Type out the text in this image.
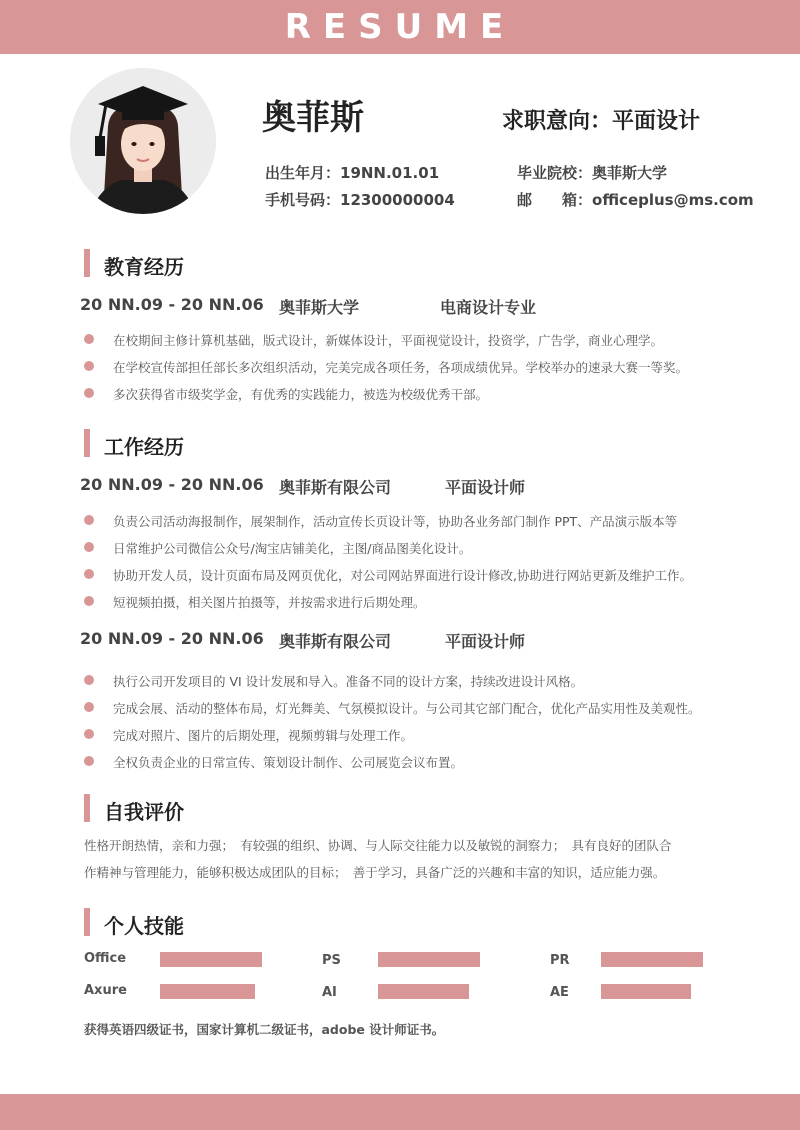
RESUME
奥菲斯	求职意向：平面设计
出生年月：19NN.01.01
手机号码：12300000004
毕业院校：奥菲斯大学
邮　　箱：officeplus@ms.com
教育经历
20 NN.09 - 20 NN.06 奥菲斯大学	电商设计专业
在校期间主修计算机基础，版式设计，新媒体设计，平面视觉设计，投资学，广告学，商业心理学。
在学校宣传部担任部长多次组织活动，完美完成各项任务，各项成绩优异。学校举办的速录大赛一等奖。
多次获得省市级奖学金，有优秀的实践能力，被选为校级优秀干部。
工作经历
20 NN.09 - 20 NN.06 奥菲斯有限公司	平面设计师
负责公司活动海报制作，展架制作，活动宣传长页设计等，协助各业务部门制作 PPT、产品演示版本等
日常维护公司微信公众号/淘宝店铺美化，主图/商品图美化设计。
协助开发人员，设计页面布局及网页优化，对公司网站界面进行设计修改,协助进行网站更新及维护工作。
短视频拍摄，相关图片拍摄等，并按需求进行后期处理。
20 NN.09 - 20 NN.06 奥菲斯有限公司	平面设计师
执行公司开发项目的 VI 设计发展和导入。准备不同的设计方案，持续改进设计风格。
完成会展、活动的整体布局，灯光舞美、气氛模拟设计。与公司其它部门配合，优化产品实用性及美观性。
完成对照片、图片的后期处理，视频剪辑与处理工作。
全权负责企业的日常宣传、策划设计制作、公司展览会议布置。
自我评价
性格开朗热情，亲和力强；　有较强的组织、协调、与人际交往能力以及敏锐的洞察力；　具有良好的团队合
作精神与管理能力，能够积极达成团队的目标；　善于学习，具备广泛的兴趣和丰富的知识，适应能力强。
个人技能
Office	PS	PR
Axure	AI	AE
获得英语四级证书，国家计算机二级证书，adobe 设计师证书。
